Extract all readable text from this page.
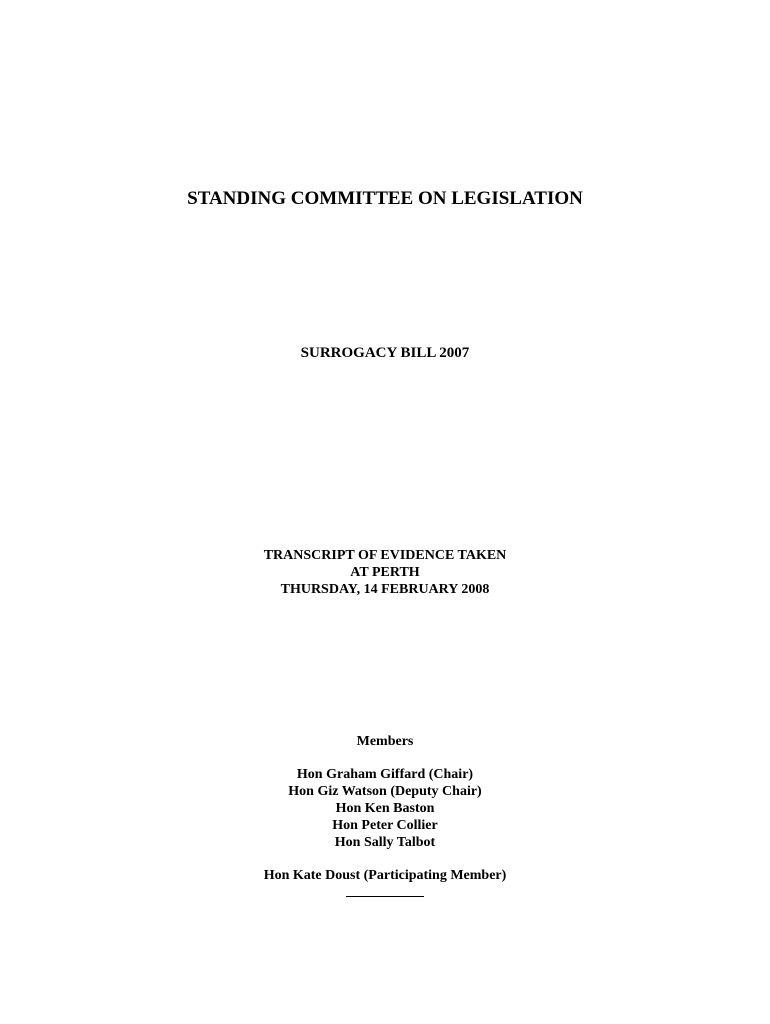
STANDING COMMITTEE ON LEGISLATION
SURROGACY BILL 2007
TRANSCRIPT OF EVIDENCE TAKEN
AT PERTH
THURSDAY, 14 FEBRUARY 2008
Members
Hon Graham Giffard (Chair)
Hon Giz Watson (Deputy Chair)
Hon Ken Baston
Hon Peter Collier
Hon Sally Talbot
Hon Kate Doust (Participating Member)
